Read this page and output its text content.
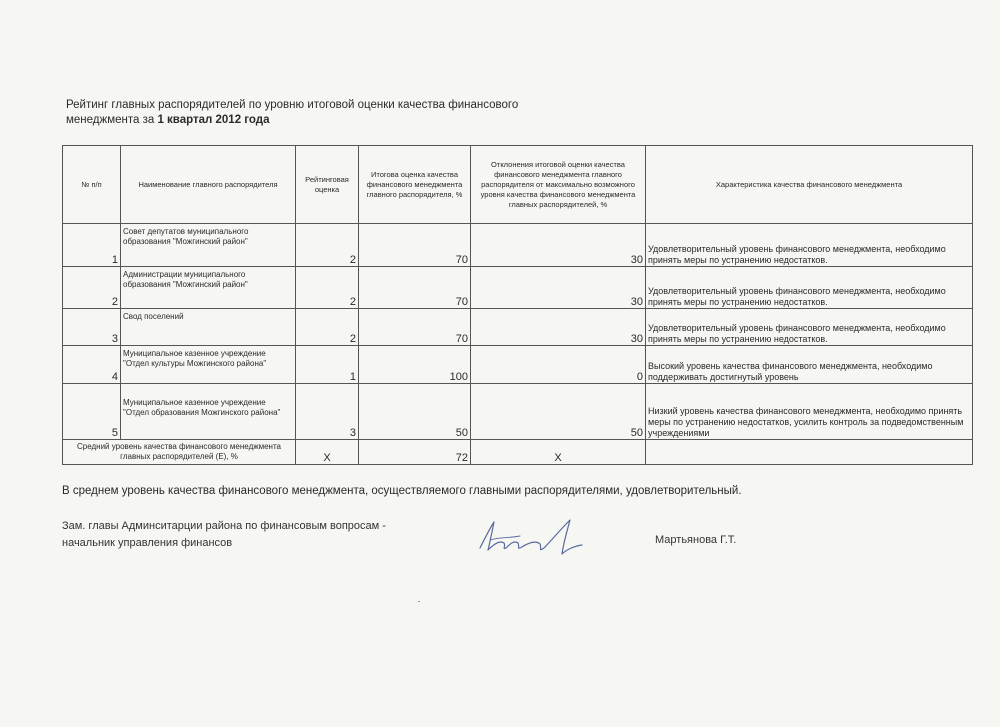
Рейтинг главных распорядителей по уровню итоговой оценки качества финансового
менеджмента за 1 квартал 2012 года
№ п/п	Наименование главного распорядителя	Рейтинговая оценка	Итогова оценка качества финансового менеджмента главного распорядителя, %	Отклонения итоговой оценки качества финансового менеджмента главного распорядителя от максимально возможного уровня качества финансового менеджмента главных распорядителей, %	Характеристика качества финансового менеджмента
1	Совет депутатов муниципального образования "Можгинский район"	2	70	30	Удовлетворительный уровень финансового менеджмента, необходимо принять меры по устранению недостатков.
2	Администрации муниципального образования "Можгинский район"	2	70	30	Удовлетворительный уровень финансового менеджмента, необходимо принять меры по устранению недостатков.
3	Свод поселений	2	70	30	Удовлетворительный уровень финансового менеджмента, необходимо принять меры по устранению недостатков.
4	Муниципальное казенное учреждение "Отдел культуры Можгинского района"	1	100	0	Высокий уровень качества финансового менеджмента, необходимо поддерживать достигнутый уровень
5	Муниципальное казенное учреждение "Отдел образования Можгинского района"	3	50	50	Низкий уровень качества финансового менеджмента, необходимо принять меры по устранению недостатков, усилить контроль за подведомственным учреждениями
Средний уровень качества финансового менеджмента главных распорядителей (Е), %		X	72	X	
В среднем уровень качества финансового менеджмента, осуществляемого главными распорядителями, удовлетворительный.
Зам. главы Админситарции района по финансовым вопросам -
начальник управления финансов	Мартьянова Г.Т.
